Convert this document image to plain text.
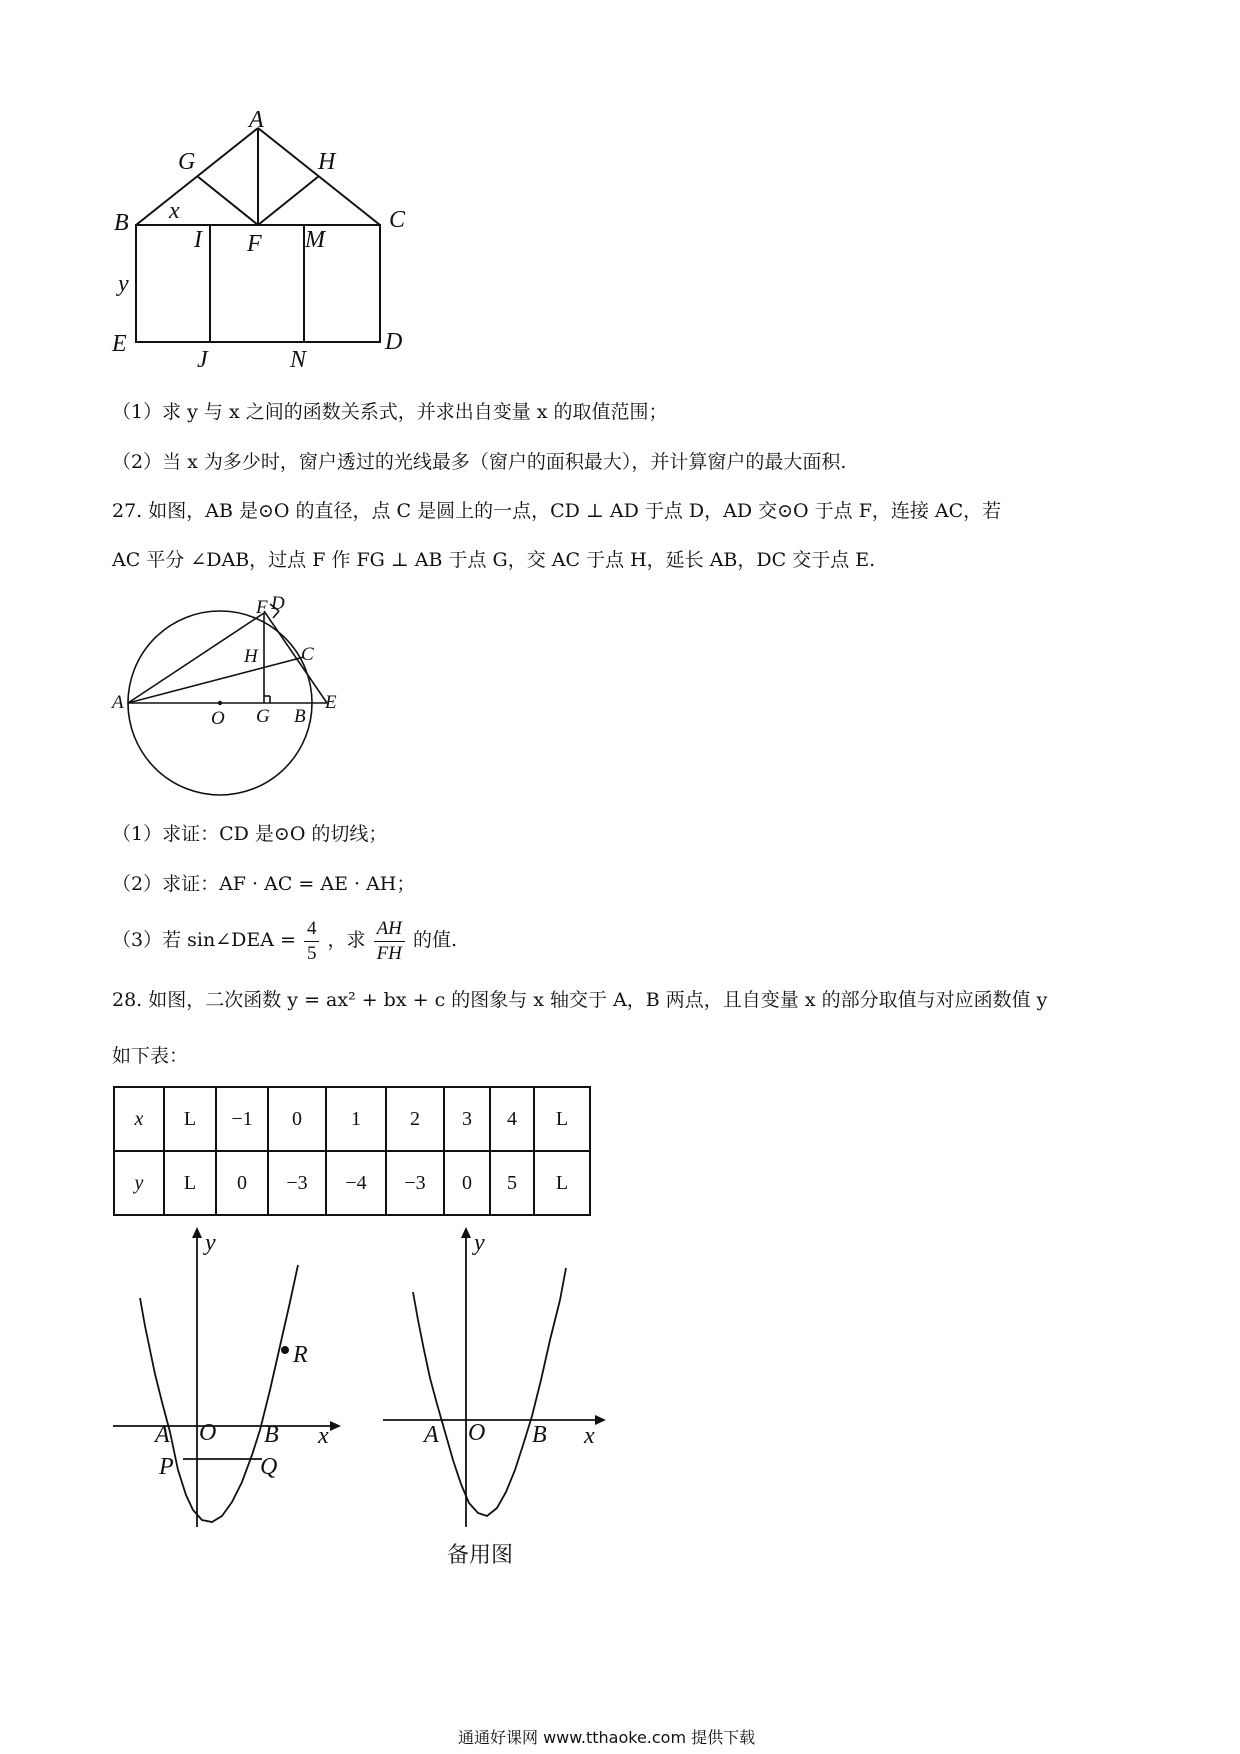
A
G	H
B x	C
I F M
y
E	D
J	N
（1）求 y 与 x 之间的函数关系式，并求出自变量 x 的取值范围；
（2）当 x 为多少时，窗户透过的光线最多（窗户的面积最大），并计算窗户的最大面积.
27. 如图，AB 是⊙O 的直径，点 C 是圆上的一点，CD ⊥ AD 于点 D，AD 交⊙O 于点 F，连接 AC，若
AC 平分 ∠DAB，过点 F 作 FG ⊥ AB 于点 G，交 AC 于点 H，延长 AB，DC 交于点 E.
F D
H C
A
O G B
E
（1）求证：CD 是⊙O 的切线；
（2）求证：AF · AC = AE · AH；
（3）若 sin∠DEA = $\frac{4}{5}$ ，求 $\frac{AH}{FH}$ 的值.
28. 如图，二次函数 y = ax² + bx + c 的图象与 x 轴交于 A，B 两点，且自变量 x 的部分取值与对应函数值 y
如下表：
x	L	−1	0	1	2	3	4	L
y	L	0	−3	−4	−3	0	5	L
y
x
A O B
P	Q
R
y
x
A O B
备用图
通通好课网 www.tthaoke.com 提供下载
